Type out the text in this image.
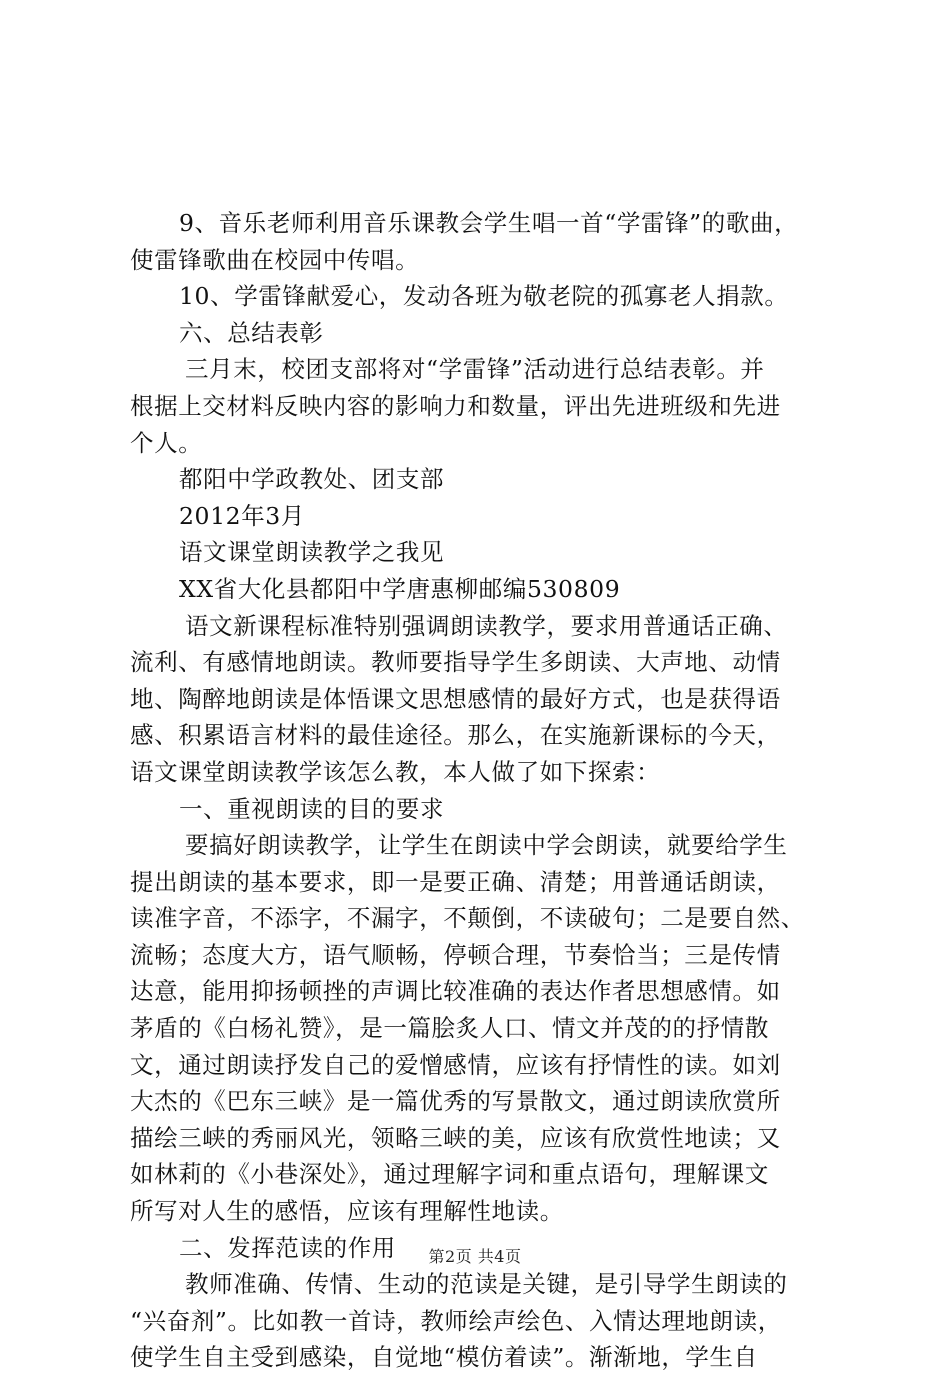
9、音乐老师利用音乐课教会学生唱一首“学雷锋”的歌曲，
使雷锋歌曲在校园中传唱。
10、学雷锋献爱心，发动各班为敬老院的孤寡老人捐款。
六、总结表彰
三月末，校团支部将对“学雷锋”活动进行总结表彰。并
根据上交材料反映内容的影响力和数量，评出先进班级和先进
个人。
都阳中学政教处、团支部
2012年3月
语文课堂朗读教学之我见
XX省大化县都阳中学唐惠柳邮编530809
语文新课程标准特别强调朗读教学，要求用普通话正确、
流利、有感情地朗读。教师要指导学生多朗读、大声地、动情
地、陶醉地朗读是体悟课文思想感情的最好方式，也是获得语
感、积累语言材料的最佳途径。那么，在实施新课标的今天，
语文课堂朗读教学该怎么教，本人做了如下探索：
一、重视朗读的目的要求
要搞好朗读教学，让学生在朗读中学会朗读，就要给学生
提出朗读的基本要求，即一是要正确、清楚；用普通话朗读，
读准字音，不添字，不漏字，不颠倒，不读破句；二是要自然、
流畅；态度大方，语气顺畅，停顿合理，节奏恰当；三是传情
达意，能用抑扬顿挫的声调比较准确的表达作者思想感情。如
茅盾的《白杨礼赞》，是一篇脍炙人口、情文并茂的的抒情散
文，通过朗读抒发自己的爱憎感情，应该有抒情性的读。如刘
大杰的《巴东三峡》是一篇优秀的写景散文，通过朗读欣赏所
描绘三峡的秀丽风光，领略三峡的美，应该有欣赏性地读；又
如林莉的《小巷深处》，通过理解字词和重点语句，理解课文
所写对人生的感悟，应该有理解性地读。
二、发挥范读的作用
教师准确、传情、生动的范读是关键，是引导学生朗读的
“兴奋剂”。比如教一首诗，教师绘声绘色、入情达理地朗读，
使学生自主受到感染，自觉地“模仿着读”。渐渐地，学生自
第2页 共4页
